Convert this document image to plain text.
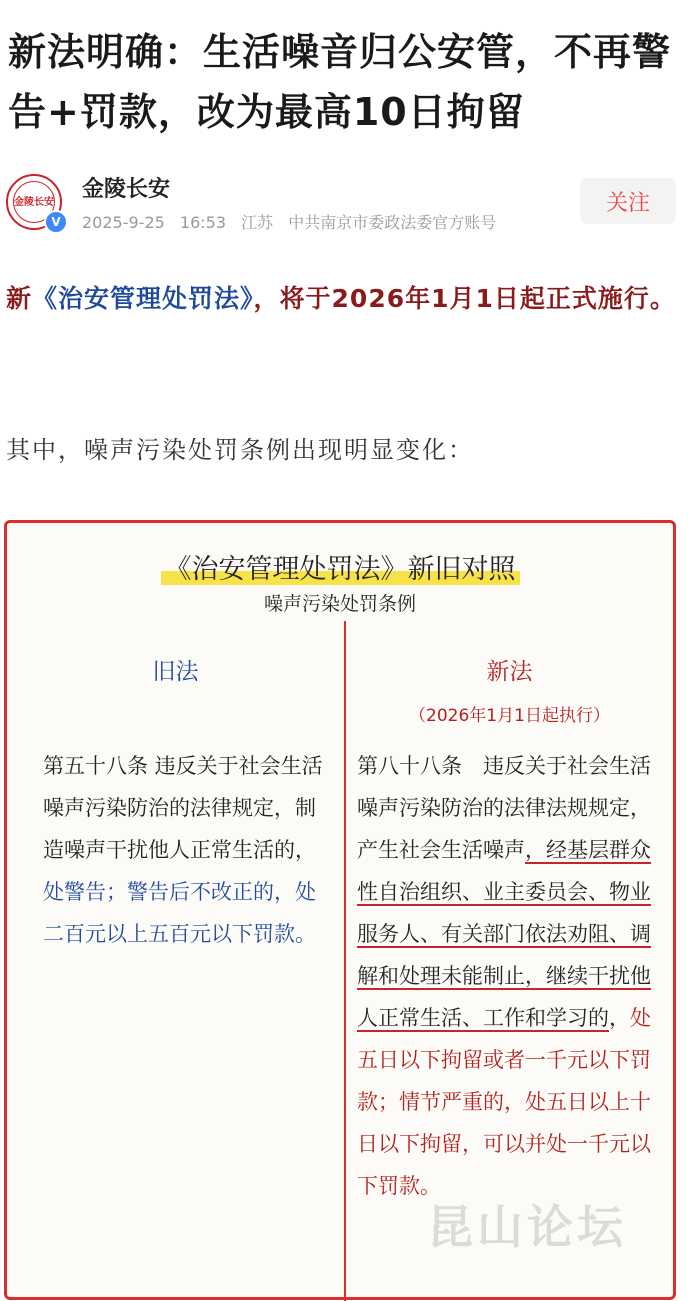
新法明确：生活噪音归公安管，不再警告+罚款，改为最高10日拘留
金陵长安
V
金陵长安
2025-9-25 16:53 江苏 中共南京市委政法委官方账号
关注
新《治安管理处罚法》，将于2026年1月1日起正式施行。
其中，噪声污染处罚条例出现明显变化：
《治安管理处罚法》新旧对照
噪声污染处罚条例
旧法	新法
（2026年1月1日起执行）
第五十八条 违反关于社会生活噪声污染防治的法律规定，制造噪声干扰他人正常生活的，处警告；警告后不改正的，处二百元以上五百元以下罚款。
第八十八条　违反关于社会生活噪声污染防治的法律法规规定，产生社会生活噪声，经基层群众性自治组织、业主委员会、物业服务人、有关部门依法劝阻、调解和处理未能制止，继续干扰他人正常生活、工作和学习的，处五日以下拘留或者一千元以下罚款；情节严重的，处五日以上十日以下拘留，可以并处一千元以下罚款。
昆山论坛
